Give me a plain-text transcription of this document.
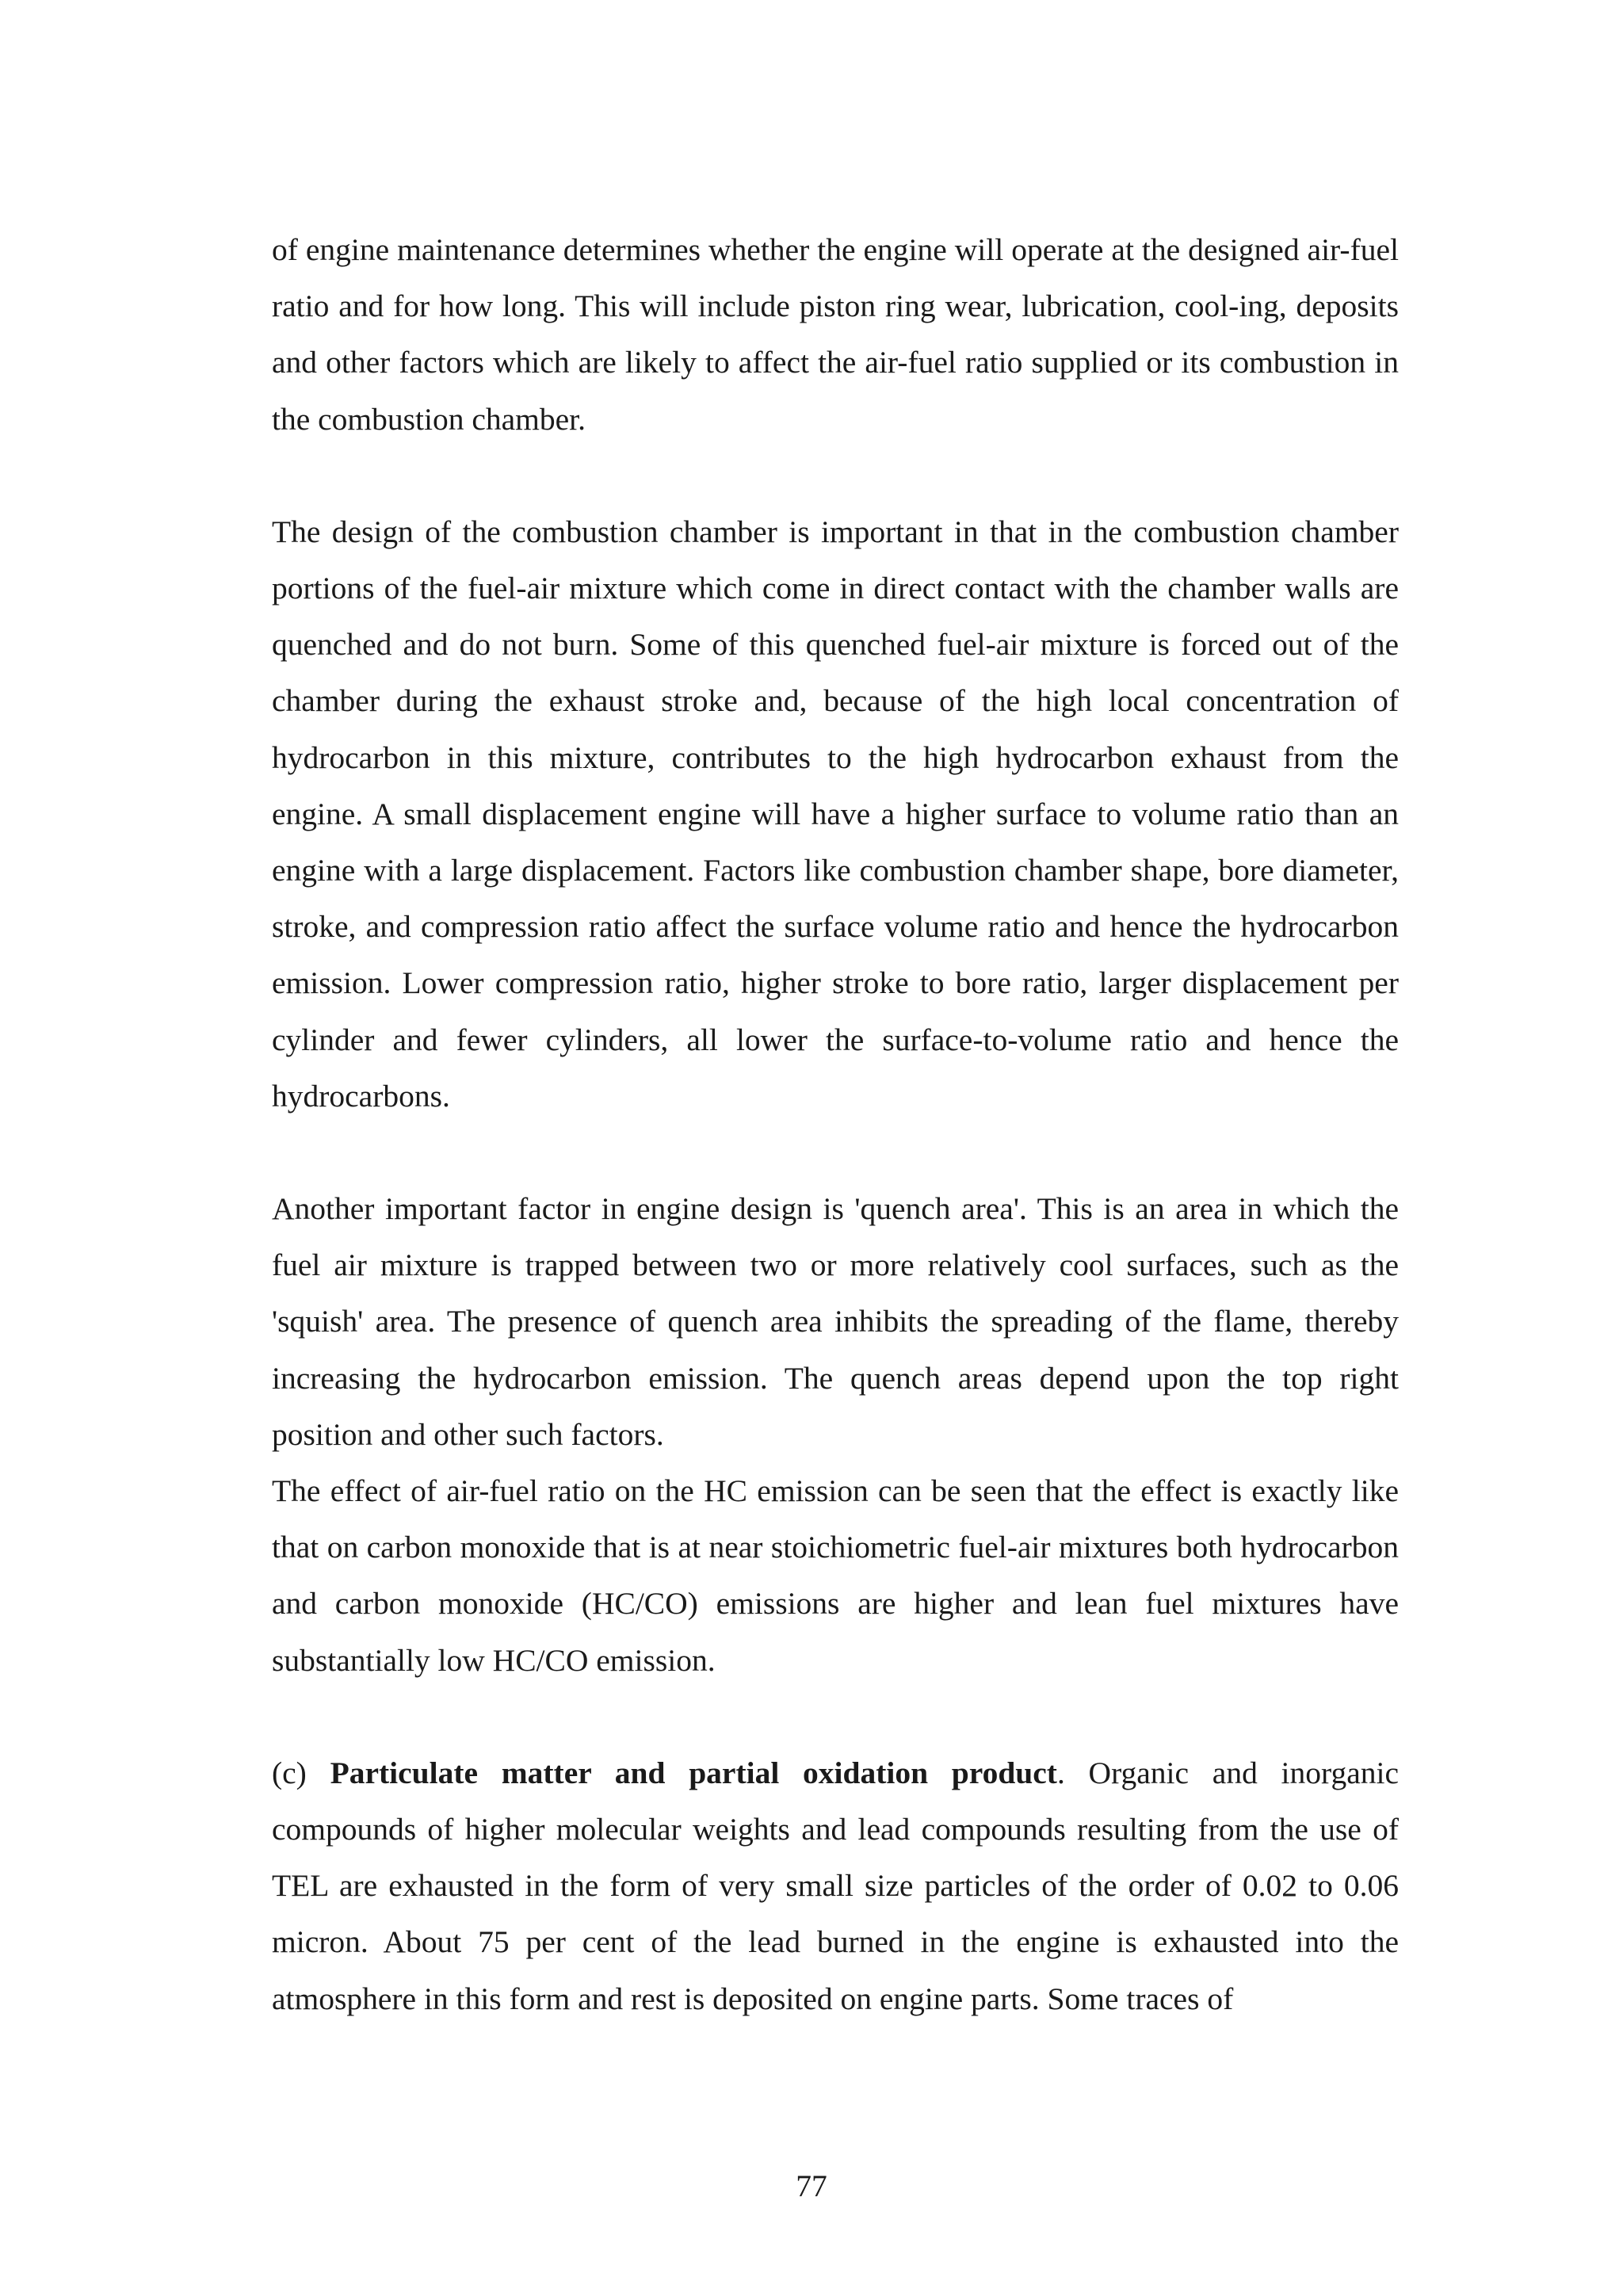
of engine maintenance determines whether the engine will operate at the designed air-fuel ratio and for how long. This will include piston ring wear, lubrication, cool-ing, deposits and other factors which are likely to affect the air-fuel ratio supplied or its combustion in the combustion chamber.

The design of the combustion chamber is important in that in the combustion chamber portions of the fuel-air mixture which come in direct contact with the chamber walls are quenched and do not burn. Some of this quenched fuel-air mixture is forced out of the chamber during the exhaust stroke and, because of the high local concentration of hydrocarbon in this mixture, contributes to the high hydrocarbon exhaust from the engine. A small displacement engine will have a higher surface to volume ratio than an engine with a large displacement. Factors like combustion chamber shape, bore diameter, stroke, and compression ratio affect the surface volume ratio and hence the hydrocarbon emission. Lower compression ratio, higher stroke to bore ratio, larger displacement per cylinder and fewer cylinders, all lower the surface-to-volume ratio and hence the hydrocarbons.

Another important factor in engine design is 'quench area'. This is an area in which the fuel air mixture is trapped between two or more relatively cool surfaces, such as the 'squish' area. The presence of quench area inhibits the spreading of the flame, thereby increasing the hydrocarbon emission. The quench areas depend upon the top right position and other such factors.

The effect of air-fuel ratio on the HC emission can be seen that the effect is exactly like that on carbon monoxide that is at near stoichiometric fuel-air mixtures both hydrocarbon and carbon monoxide (HC/CO) emissions are higher and lean fuel mixtures have substantially low HC/CO emission.

(c) Particulate matter and partial oxidation product. Organic and inorganic compounds of higher molecular weights and lead compounds resulting from the use of TEL are exhausted in the form of very small size particles of the order of 0.02 to 0.06 micron. About 75 per cent of the lead burned in the engine is exhausted into the atmosphere in this form and rest is deposited on engine parts. Some traces of

77
